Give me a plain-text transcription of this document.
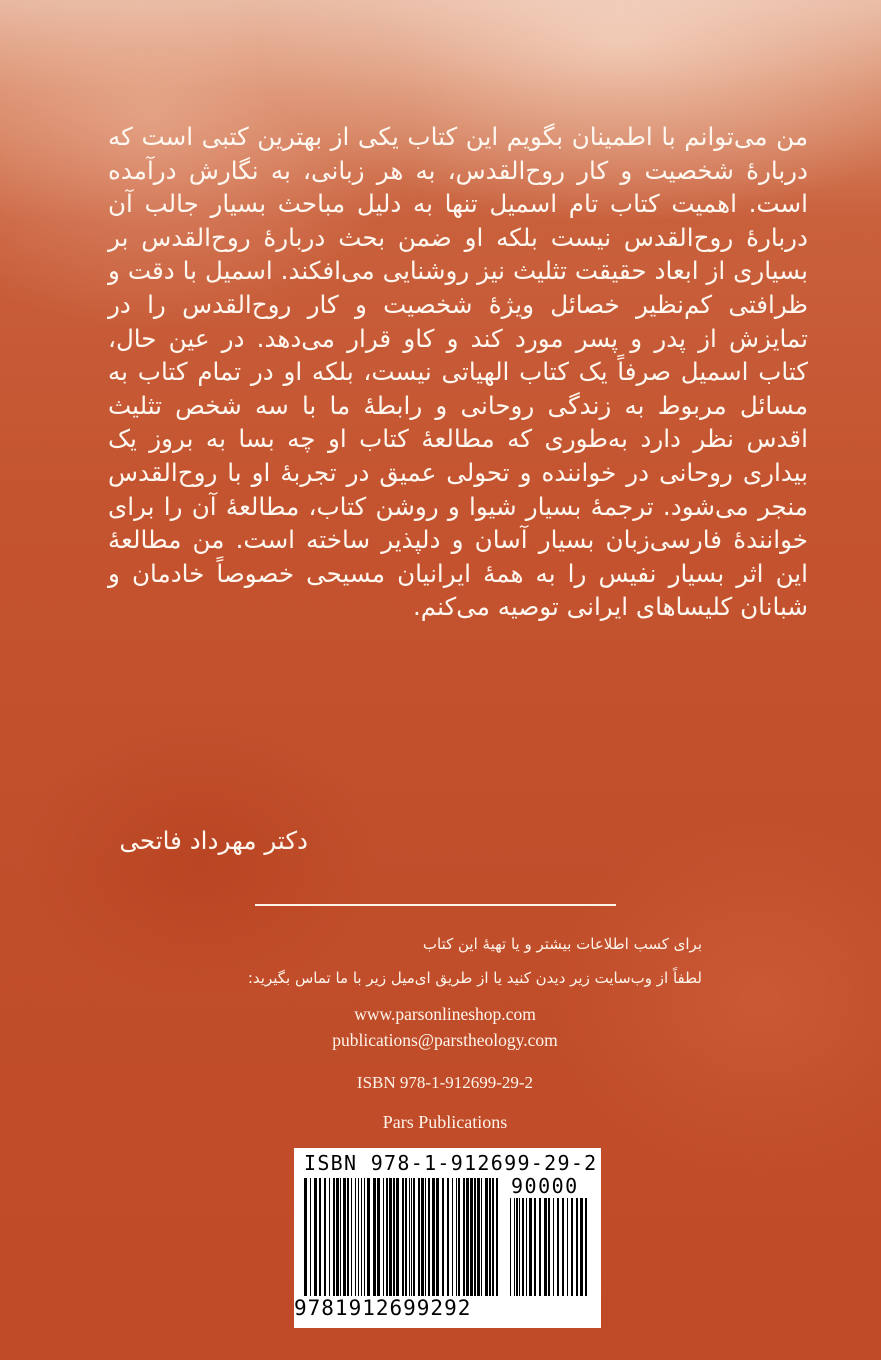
من می‌توانم با اطمینان بگویم این کتاب یکی از بهترین کتبی است که دربارۀ شخصیت و کار روح‌القدس، به هر زبانی، به نگارش درآمده است. اهمیت کتاب تام اسمیل تنها به دلیل مباحث بسیار جالب آن دربارۀ روح‌القدس نیست بلکه او ضمن بحث دربارۀ روح‌القدس بر بسیاری از ابعاد حقیقت تثلیث نیز روشنایی می‌افکند. اسمیل با دقت و ظرافتی کم‌نظیر خصائل ویژۀ شخصیت و کار روح‌القدس را در تمایزش از پدر و پسر مورد کند و کاو قرار می‌دهد. در عین حال، کتاب اسمیل صرفاً یک کتاب الهیاتی نیست، بلکه او در تمام کتاب به مسائل مربوط به زندگی روحانی و رابطۀ ما با سه شخص تثلیث اقدس نظر دارد به‌طوری که مطالعۀ کتاب او چه بسا به بروز یک بیداری روحانی در خواننده و تحولی عمیق در تجربۀ او با روح‌القدس منجر می‌شود. ترجمۀ بسیار شیوا و روشن کتاب، مطالعۀ آن را برای خوانندۀ فارسی‌زبان بسیار آسان و دلپذیر ساخته است. من مطالعۀ این اثر بسیار نفیس را به همۀ ایرانیان مسیحی خصوصاً خادمان و شبانان کلیساهای ایرانی توصیه می‌کنم.

دکتر مهرداد فاتحی
برای کسب اطلاعات بیشتر و یا تهیۀ این کتاب
لطفاً از وب‌سایت زیر دیدن کنید یا از طریق ای‌میل زیر با ما تماس بگیرید:
www.parsonlineshop.com
publications@parstheology.com
ISBN 978-1-912699-29-2
Pars Publications
ISBN 978-1-912699-29-2
90000
9781912699292
